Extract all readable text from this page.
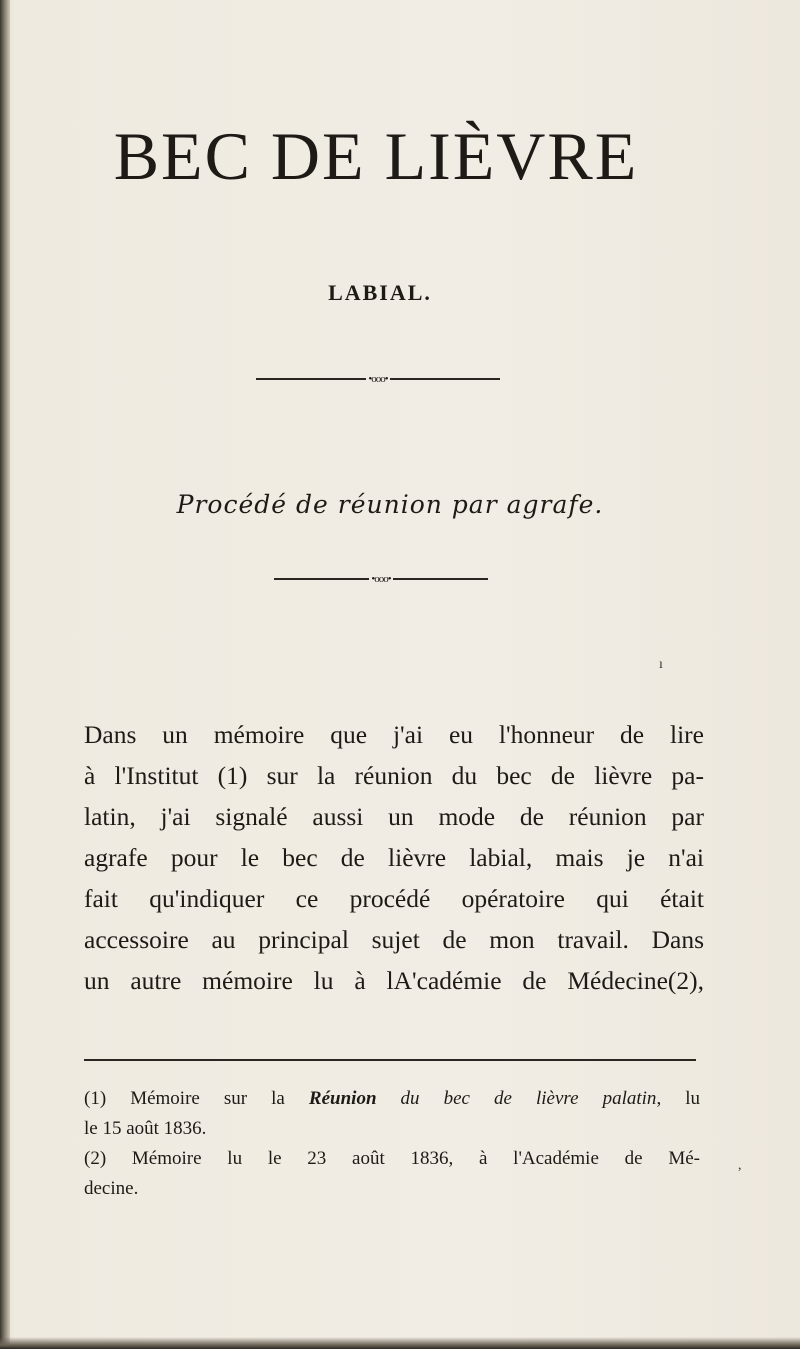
BEC DE LIÈVRE
LABIAL.
•ooo•
Procédé de réunion par agrafe.
•ooo•
ı
Dans un mémoire que j'ai eu l'honneur de lire
à l'Institut (1) sur la réunion du bec de lièvre pa-
latin, j'ai signalé aussi un mode de réunion par
agrafe pour le bec de lièvre labial, mais je n'ai
fait qu'indiquer ce procédé opératoire qui était
accessoire au principal sujet de mon travail. Dans
un autre mémoire lu à lA'cadémie de Médecine(2),
(1) Mémoire sur la Réunion du bec de lièvre palatin, lu
le 15 août 1836.
(2) Mémoire lu le 23 août 1836, à l'Académie de Mé-
decine.
,
